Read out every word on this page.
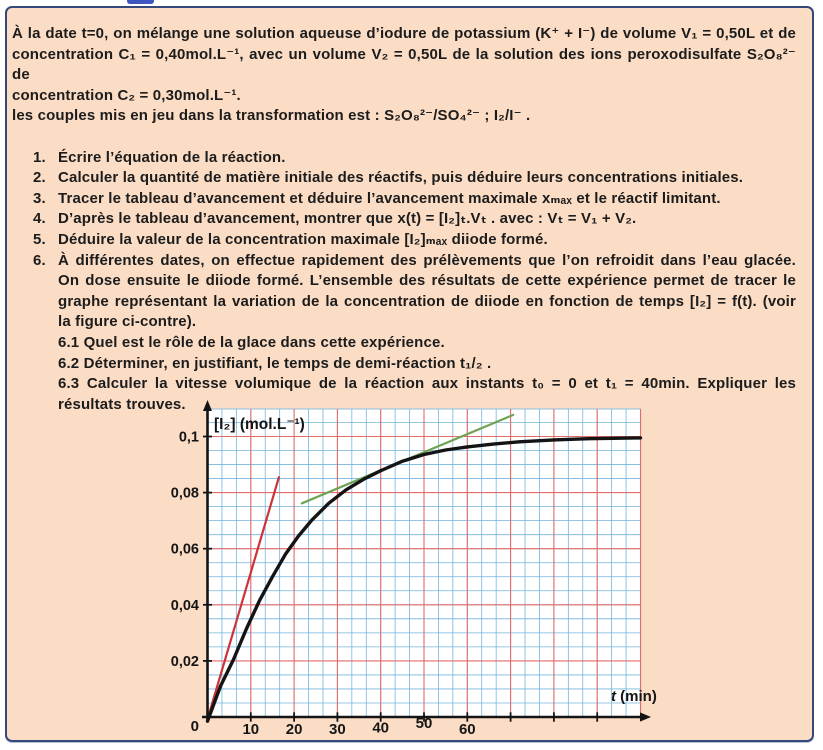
À la date t=0, on mélange une solution aqueuse d’iodure de potassium (K⁺ + I⁻) de volume V₁ = 0,50L et de
concentration C₁ = 0,40mol.L⁻¹, avec un volume V₂ = 0,50L de la solution des ions peroxodisulfate S₂O₈²⁻ de
concentration C₂ = 0,30mol.L⁻¹.
les couples mis en jeu dans la transformation est : S₂O₈²⁻/SO₄²⁻ ; I₂/I⁻ .

1. Écrire l’équation de la réaction.
2. Calculer la quantité de matière initiale des réactifs, puis déduire leurs concentrations initiales.
3. Tracer le tableau d’avancement et déduire l’avancement maximale xₘₐₓ et le réactif limitant.
4. D’après le tableau d’avancement, montrer que x(t) = [I₂]ₜ.Vₜ . avec : Vₜ = V₁ + V₂.
5. Déduire la valeur de la concentration maximale [I₂]ₘₐₓ diiode formé.
6. À différentes dates, on effectue rapidement des prélèvements que l’on refroidit dans l’eau glacée.
On dose ensuite le diiode formé. L’ensemble des résultats de cette expérience permet de tracer le
graphe représentant la variation de la concentration de diiode en fonction de temps [I₂] = f(t). (voir
la figure ci-contre).
6.1 Quel est le rôle de la glace dans cette expérience.
6.2 Déterminer, en justifiant, le temps de demi-réaction t₁/₂ .
6.3 Calculer la vitesse volumique de la réaction aux instants t₀ = 0 et t₁ = 40min. Expliquer les
résultats trouves.
10 20 30 40 50 60
0,02
0,04
0,06
0,08
0,1
0
[I₂] (mol.L⁻¹)
t (min)
